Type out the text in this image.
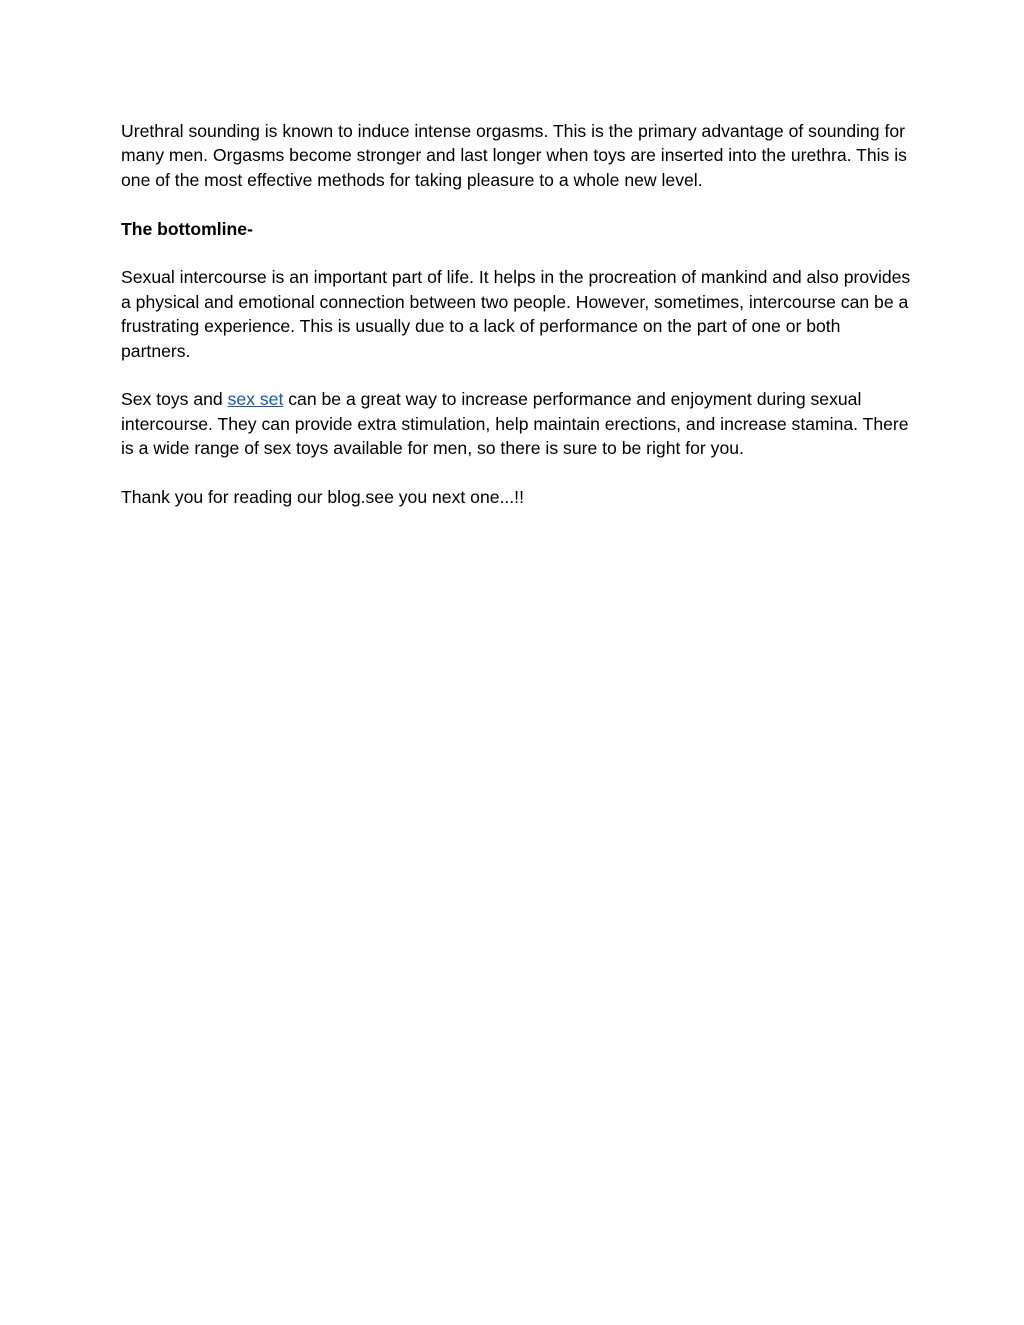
Urethral sounding is known to induce intense orgasms. This is the primary advantage of sounding for many men. Orgasms become stronger and last longer when toys are inserted into the urethra. This is one of the most effective methods for taking pleasure to a whole new level.

The bottomline-

Sexual intercourse is an important part of life. It helps in the procreation of mankind and also provides a physical and emotional connection between two people. However, sometimes, intercourse can be a frustrating experience. This is usually due to a lack of performance on the part of one or both partners.

Sex toys and sex set can be a great way to increase performance and enjoyment during sexual intercourse. They can provide extra stimulation, help maintain erections, and increase stamina. There is a wide range of sex toys available for men, so there is sure to be right for you.

Thank you for reading our blog.see you next one...!!
